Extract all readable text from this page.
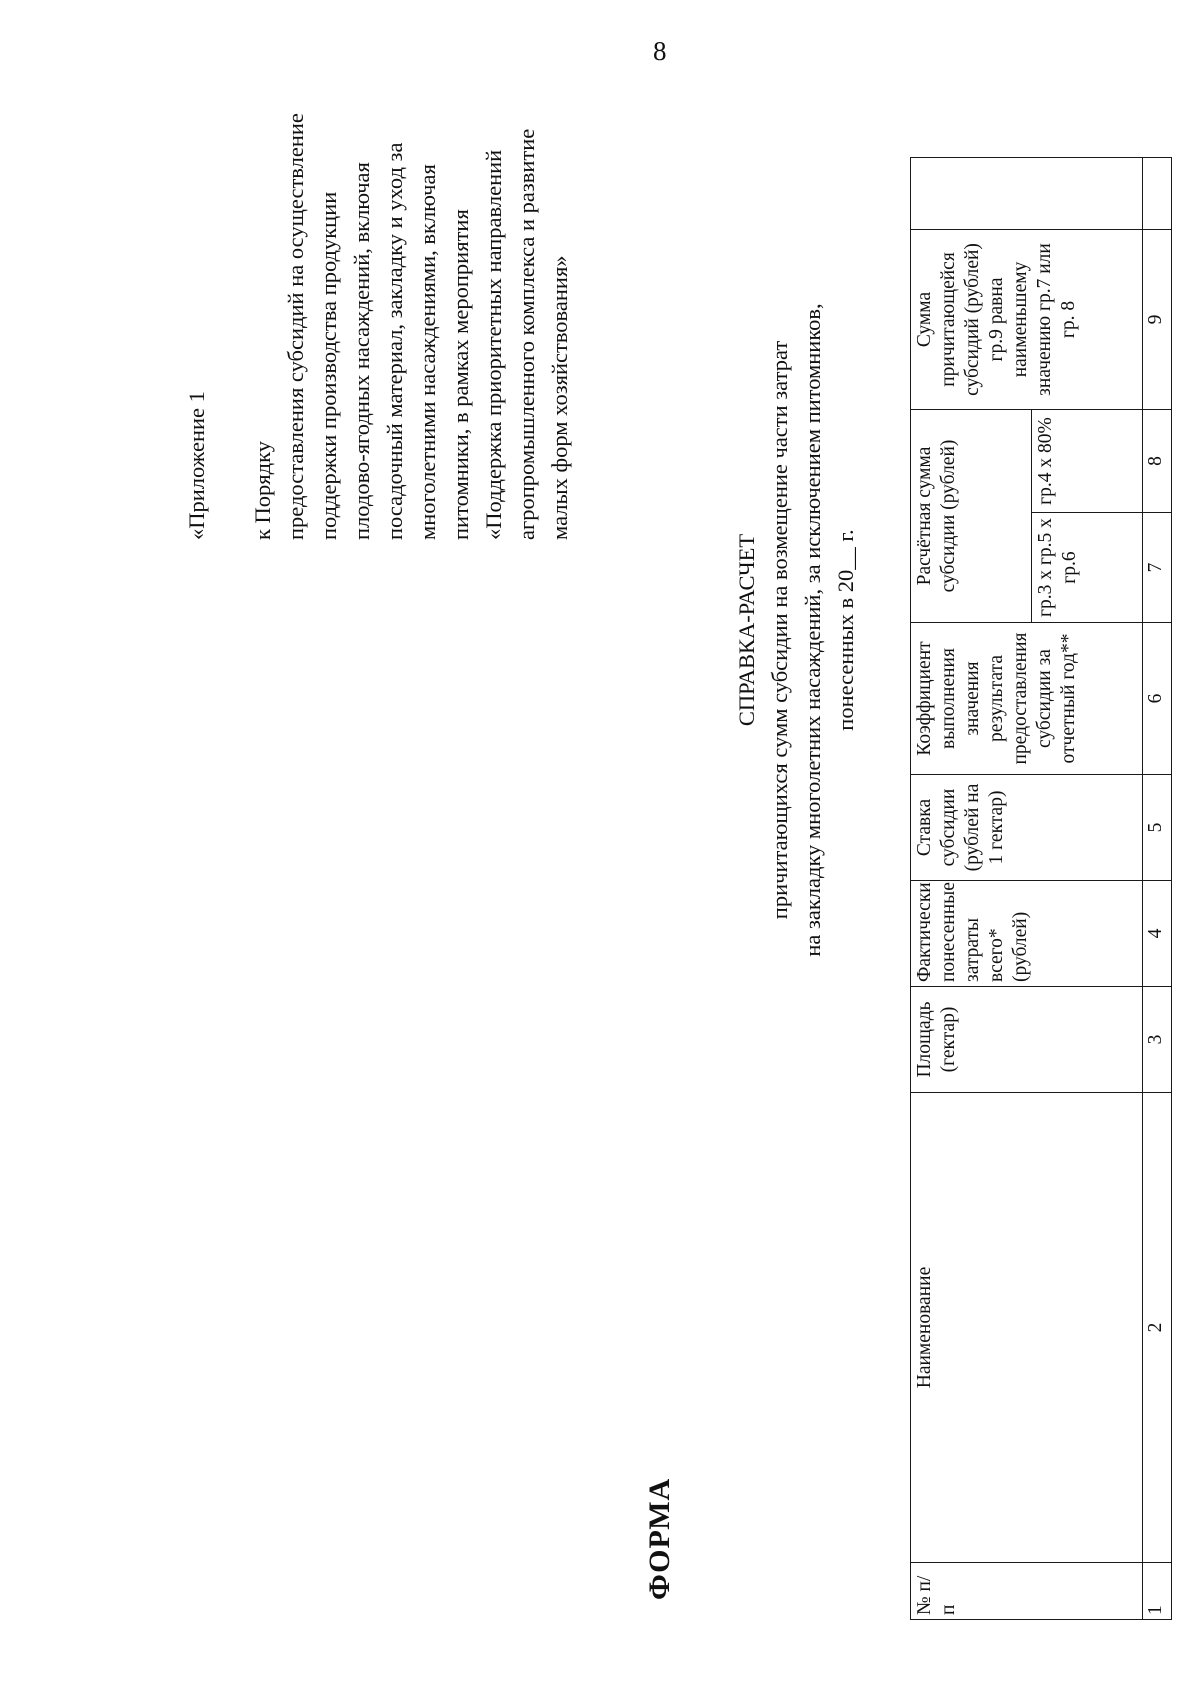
8
«Приложение 1 к Порядку предоставления субсидий на осуществление
поддержки производства продукции
плодово-ягодных насаждений, включая
посадочный материал, закладку и уход за
многолетними насаждениями, включая
питомники, в рамках мероприятия
«Поддержка приоритетных направлений
агропромышленного комплекса и развитие
малых форм хозяйствования»
ФОРМА
СПРАВКА-РАСЧЕТ причитающихся сумм субсидии на возмещение части затрат на закладку многолетних насаждений, за исключением питомников, понесенных в 20__ г.
№ п/п	Наименование	Площадь (гектар)	Фактически понесенные затраты всего* (рублей)	Ставка субсидии (рублей на 1 гектар)	Коэффициент выполнения значения результата предоставления субсидии за отчетный год**	Расчётная сумма субсидии (рублей)		Сумма причитающейся субсидий (рублей) гр.9 равна наименьшему значению гр.7 или гр. 8	
						гр.3 х гр.5 х гр.6	гр.4 х 80%		
1	2	3	4	5	6	7	8	9	
